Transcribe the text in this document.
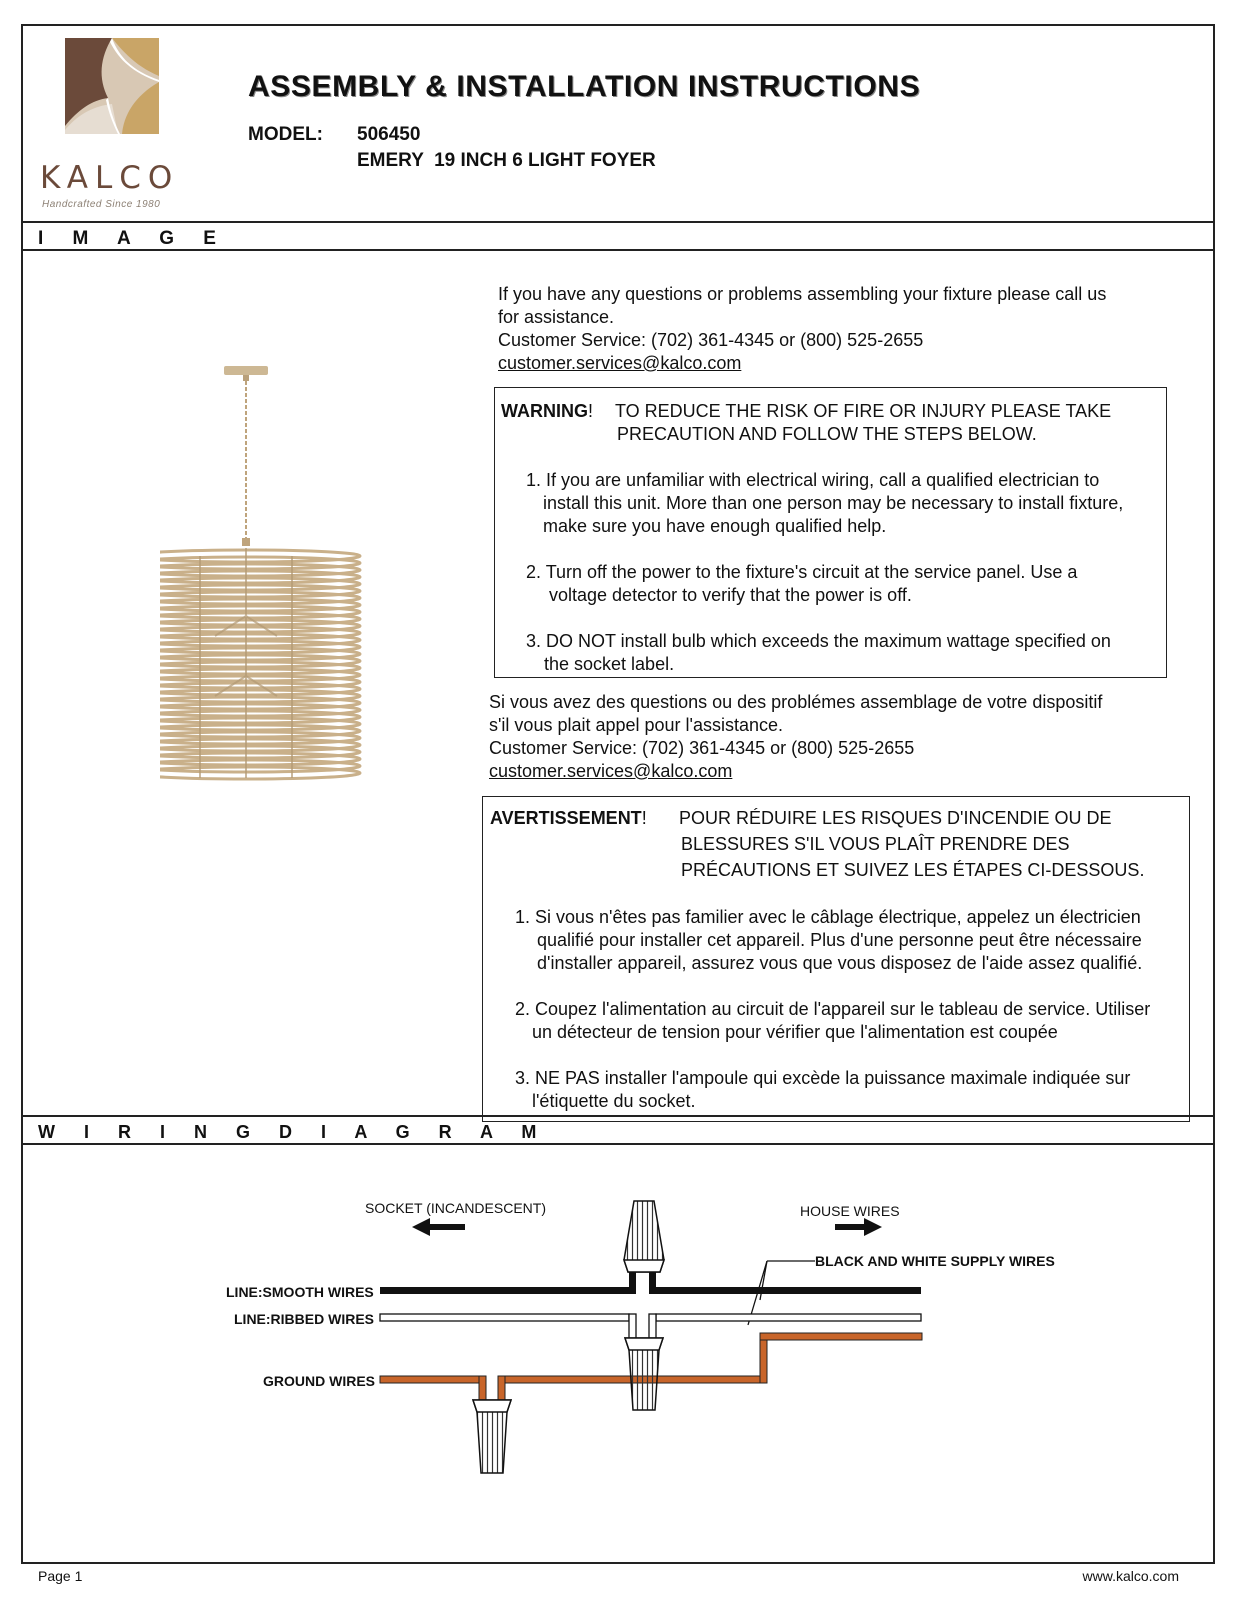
KALCO
Handcrafted Since 1980
ASSEMBLY & INSTALLATION INSTRUCTIONS
MODEL: 506450
EMERY  19 INCH 6 LIGHT FOYER
I M A G E
If you have any questions or problems assembling your fixture please call us
for assistance.
Customer Service: (702) 361-4345 or (800) 525-2655
customer.services@kalco.com
WARNING! TO REDUCE THE RISK OF FIRE OR INJURY PLEASE TAKE
PRECAUTION AND FOLLOW THE STEPS BELOW.
1. If you are unfamiliar with electrical wiring, call a qualified electrician to
install this unit. More than one person may be necessary to install fixture,
make sure you have enough qualified help.
2. Turn off the power to the fixture's circuit at the service panel. Use a
voltage detector to verify that the power is off.
3. DO NOT install bulb which exceeds the maximum wattage specified on
the socket label.
Si vous avez des questions ou des problémes assemblage de votre dispositif
s'il vous plait appel pour l'assistance.
Customer Service: (702) 361-4345 or (800) 525-2655
customer.services@kalco.com
AVERTISSEMENT! POUR RÉDUIRE LES RISQUES D'INCENDIE OU DE
BLESSURES S'IL VOUS PLAÎT PRENDRE DES
PRÉCAUTIONS ET SUIVEZ LES ÉTAPES CI-DESSOUS.
1. Si vous n'êtes pas familier avec le câblage électrique, appelez un électricien
qualifié pour installer cet appareil. Plus d'une personne peut être nécessaire
d'installer appareil, assurez vous que vous disposez de l'aide assez qualifié.
2. Coupez l'alimentation au circuit de l'appareil sur le tableau de service. Utiliser
un détecteur de tension pour vérifier que l'alimentation est coupée
3. NE PAS installer l'ampoule qui excède la puissance maximale indiquée sur
l'étiquette du socket.
W I R I N G D I A G R A M
SOCKET (INCANDESCENT)	HOUSE WIRES
BLACK AND WHITE SUPPLY WIRES
LINE:SMOOTH WIRES
LINE:RIBBED WIRES
GROUND WIRES
Page 1	www.kalco.com
